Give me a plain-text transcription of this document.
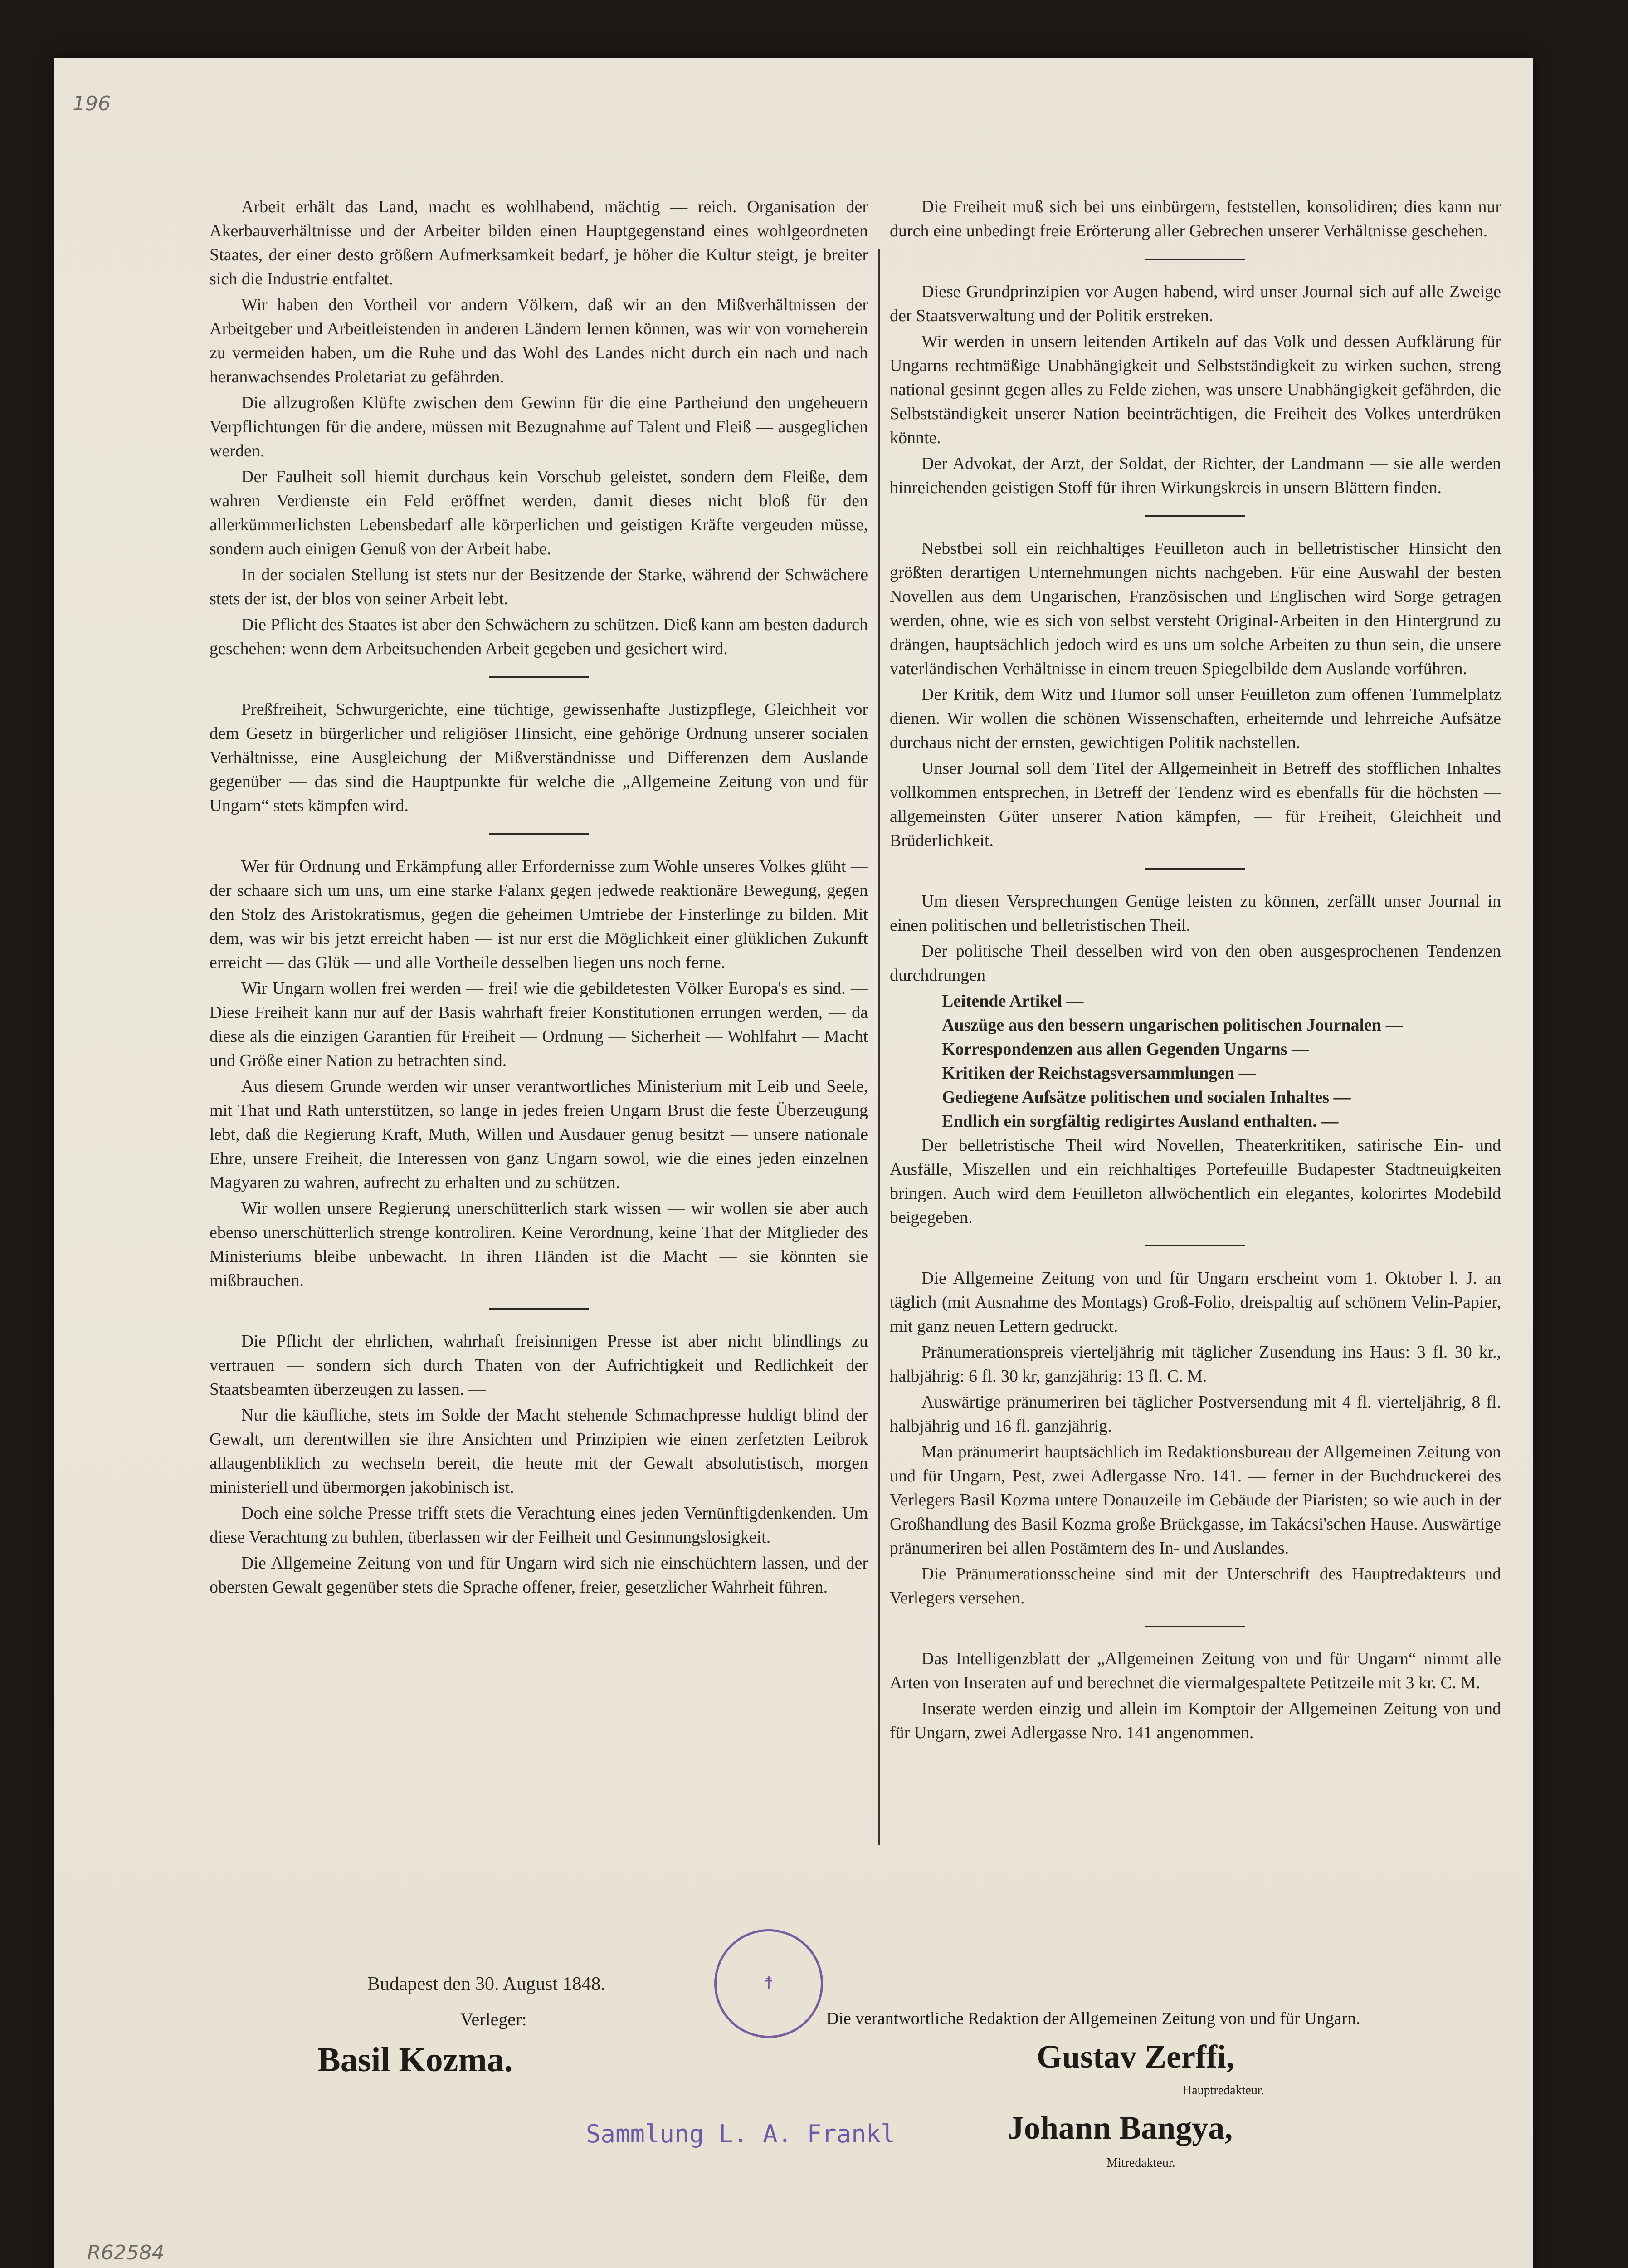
196

Arbeit erhält das Land, macht es wohlhabend, mächtig — reich. Organisation der Akerbauverhältnisse und der Arbeiter bilden einen Hauptgegenstand eines wohlgeordneten Staates, der einer desto größern Aufmerksamkeit bedarf, je höher die Kultur steigt, je breiter sich die Industrie entfaltet.

Wir haben den Vortheil vor andern Völkern, daß wir an den Mißverhältnissen der Arbeitgeber und Arbeitleistenden in anderen Ländern lernen können, was wir von vorneherein zu vermeiden haben, um die Ruhe und das Wohl des Landes nicht durch ein nach und nach heranwachsendes Proletariat zu gefährden.

Die allzugroßen Klüfte zwischen dem Gewinn für die eine Partheiund den ungeheuern Verpflichtungen für die andere, müssen mit Bezugnahme auf Talent und Fleiß — ausgeglichen werden.

Der Faulheit soll hiemit durchaus kein Vorschub geleistet, sondern dem Fleiße, dem wahren Verdienste ein Feld eröffnet werden, damit dieses nicht bloß für den allerkümmerlichsten Lebensbedarf alle körperlichen und geistigen Kräfte vergeuden müsse, sondern auch einigen Genuß von der Arbeit habe.

In der socialen Stellung ist stets nur der Besitzende der Starke, während der Schwächere stets der ist, der blos von seiner Arbeit lebt.

Die Pflicht des Staates ist aber den Schwächern zu schützen. Dieß kann am besten dadurch geschehen: wenn dem Arbeitsuchenden Arbeit gegeben und gesichert wird.

Preßfreiheit, Schwurgerichte, eine tüchtige, gewissenhafte Justizpflege, Gleichheit vor dem Gesetz in bürgerlicher und religiöser Hinsicht, eine gehörige Ordnung unserer socialen Verhältnisse, eine Ausgleichung der Mißverständnisse und Differenzen dem Auslande gegenüber — das sind die Hauptpunkte für welche die „Allgemeine Zeitung von und für Ungarn“ stets kämpfen wird.

Wer für Ordnung und Erkämpfung aller Erfordernisse zum Wohle unseres Volkes glüht — der schaare sich um uns, um eine starke Falanx gegen jedwede reaktionäre Bewegung, gegen den Stolz des Aristokratismus, gegen die geheimen Umtriebe der Finsterlinge zu bilden. Mit dem, was wir bis jetzt erreicht haben — ist nur erst die Möglichkeit einer glüklichen Zukunft erreicht — das Glük — und alle Vortheile desselben liegen uns noch ferne.

Wir Ungarn wollen frei werden — frei! wie die gebildetesten Völker Europa's es sind. — Diese Freiheit kann nur auf der Basis wahrhaft freier Konstitutionen errungen werden, — da diese als die einzigen Garantien für Freiheit — Ordnung — Sicherheit — Wohlfahrt — Macht und Größe einer Nation zu betrachten sind.

Aus diesem Grunde werden wir unser verantwortliches Ministerium mit Leib und Seele, mit That und Rath unterstützen, so lange in jedes freien Ungarn Brust die feste Überzeugung lebt, daß die Regierung Kraft, Muth, Willen und Ausdauer genug besitzt — unsere nationale Ehre, unsere Freiheit, die Interessen von ganz Ungarn sowol, wie die eines jeden einzelnen Magyaren zu wahren, aufrecht zu erhalten und zu schützen.

Wir wollen unsere Regierung unerschütterlich stark wissen — wir wollen sie aber auch ebenso unerschütterlich strenge kontroliren. Keine Verordnung, keine That der Mitglieder des Ministeriums bleibe unbewacht. In ihren Händen ist die Macht — sie könnten sie mißbrauchen.

Die Pflicht der ehrlichen, wahrhaft freisinnigen Presse ist aber nicht blindlings zu vertrauen — sondern sich durch Thaten von der Aufrichtigkeit und Redlichkeit der Staatsbeamten überzeugen zu lassen. —

Nur die käufliche, stets im Solde der Macht stehende Schmachpresse huldigt blind der Gewalt, um derentwillen sie ihre Ansichten und Prinzipien wie einen zerfetzten Leibrok allaugenbliklich zu wechseln bereit, die heute mit der Gewalt absolutistisch, morgen ministeriell und übermorgen jakobinisch ist.

Doch eine solche Presse trifft stets die Verachtung eines jeden Vernünftigdenkenden. Um diese Verachtung zu buhlen, überlassen wir der Feilheit und Gesinnungslosigkeit.

Die Allgemeine Zeitung von und für Ungarn wird sich nie einschüchtern lassen, und der obersten Gewalt gegenüber stets die Sprache offener, freier, gesetzlicher Wahrheit führen.

Die Freiheit muß sich bei uns einbürgern, feststellen, konsolidiren; dies kann nur durch eine unbedingt freie Erörterung aller Gebrechen unserer Verhältnisse geschehen.

Diese Grundprinzipien vor Augen habend, wird unser Journal sich auf alle Zweige der Staatsverwaltung und der Politik erstreken.

Wir werden in unsern leitenden Artikeln auf das Volk und dessen Aufklärung für Ungarns rechtmäßige Unabhängigkeit und Selbstständigkeit zu wirken suchen, streng national gesinnt gegen alles zu Felde ziehen, was unsere Unabhängigkeit gefährden, die Selbstständigkeit unserer Nation beeinträchtigen, die Freiheit des Volkes unterdrüken könnte.

Der Advokat, der Arzt, der Soldat, der Richter, der Landmann — sie alle werden hinreichenden geistigen Stoff für ihren Wirkungskreis in unsern Blättern finden.

Nebstbei soll ein reichhaltiges Feuilleton auch in belletristischer Hinsicht den größten derartigen Unternehmungen nichts nachgeben. Für eine Auswahl der besten Novellen aus dem Ungarischen, Französischen und Englischen wird Sorge getragen werden, ohne, wie es sich von selbst versteht Original-Arbeiten in den Hintergrund zu drängen, hauptsächlich jedoch wird es uns um solche Arbeiten zu thun sein, die unsere vaterländischen Verhältnisse in einem treuen Spiegelbilde dem Auslande vorführen.

Der Kritik, dem Witz und Humor soll unser Feuilleton zum offenen Tummelplatz dienen. Wir wollen die schönen Wissenschaften, erheiternde und lehrreiche Aufsätze durchaus nicht der ernsten, gewichtigen Politik nachstellen.

Unser Journal soll dem Titel der Allgemeinheit in Betreff des stofflichen Inhaltes vollkommen entsprechen, in Betreff der Tendenz wird es ebenfalls für die höchsten — allgemeinsten Güter unserer Nation kämpfen, — für Freiheit, Gleichheit und Brüderlichkeit.

Um diesen Versprechungen Genüge leisten zu können, zerfällt unser Journal in einen politischen und belletristischen Theil.

Der politische Theil desselben wird von den oben ausgesprochenen Tendenzen durchdrungen

Leitende Artikel —

Auszüge aus den bessern ungarischen politischen Journalen —

Korrespondenzen aus allen Gegenden Ungarns —

Kritiken der Reichstagsversammlungen —

Gediegene Aufsätze politischen und socialen Inhaltes —

Endlich ein sorgfältig redigirtes Ausland enthalten. —

Der belletristische Theil wird Novellen, Theaterkritiken, satirische Ein- und Ausfälle, Miszellen und ein reichhaltiges Portefeuille Budapester Stadtneuigkeiten bringen. Auch wird dem Feuilleton allwöchentlich ein elegantes, kolorirtes Modebild beigegeben.

Die Allgemeine Zeitung von und für Ungarn erscheint vom 1. Oktober l. J. an täglich (mit Ausnahme des Montags) Groß-Folio, dreispaltig auf schönem Velin-Papier, mit ganz neuen Lettern gedruckt.

Pränumerationspreis vierteljährig mit täglicher Zusendung ins Haus: 3 fl. 30 kr., halbjährig: 6 fl. 30 kr, ganzjährig: 13 fl. C. M.

Auswärtige pränumeriren bei täglicher Postversendung mit 4 fl. vierteljährig, 8 fl. halbjährig und 16 fl. ganzjährig.

Man pränumerirt hauptsächlich im Redaktionsbureau der Allgemeinen Zeitung von und für Ungarn, Pest, zwei Adlergasse Nro. 141. — ferner in der Buchdruckerei des Verlegers Basil Kozma untere Donauzeile im Gebäude der Piaristen; so wie auch in der Großhandlung des Basil Kozma große Brückgasse, im Takácsi'schen Hause. Auswärtige pränumeriren bei allen Postämtern des In- und Auslandes.

Die Pränumerationsscheine sind mit der Unterschrift des Hauptredakteurs und Verlegers versehen.

Das Intelligenzblatt der „Allgemeinen Zeitung von und für Ungarn“ nimmt alle Arten von Inseraten auf und berechnet die viermalgespaltete Petitzeile mit 3 kr. C. M.

Inserate werden einzig und allein im Komptoir der Allgemeinen Zeitung von und für Ungarn, zwei Adlergasse Nro. 141 angenommen.

☨
Budapest den 30. August 1848.
Verleger:
Basil Kozma.
Die verantwortliche Redaktion der Allgemeinen Zeitung von und für Ungarn.
Gustav Zerffi,
Hauptredakteur.
Johann Bangya,
Mitredakteur.
Sammlung L. A. Frankl
R62584
